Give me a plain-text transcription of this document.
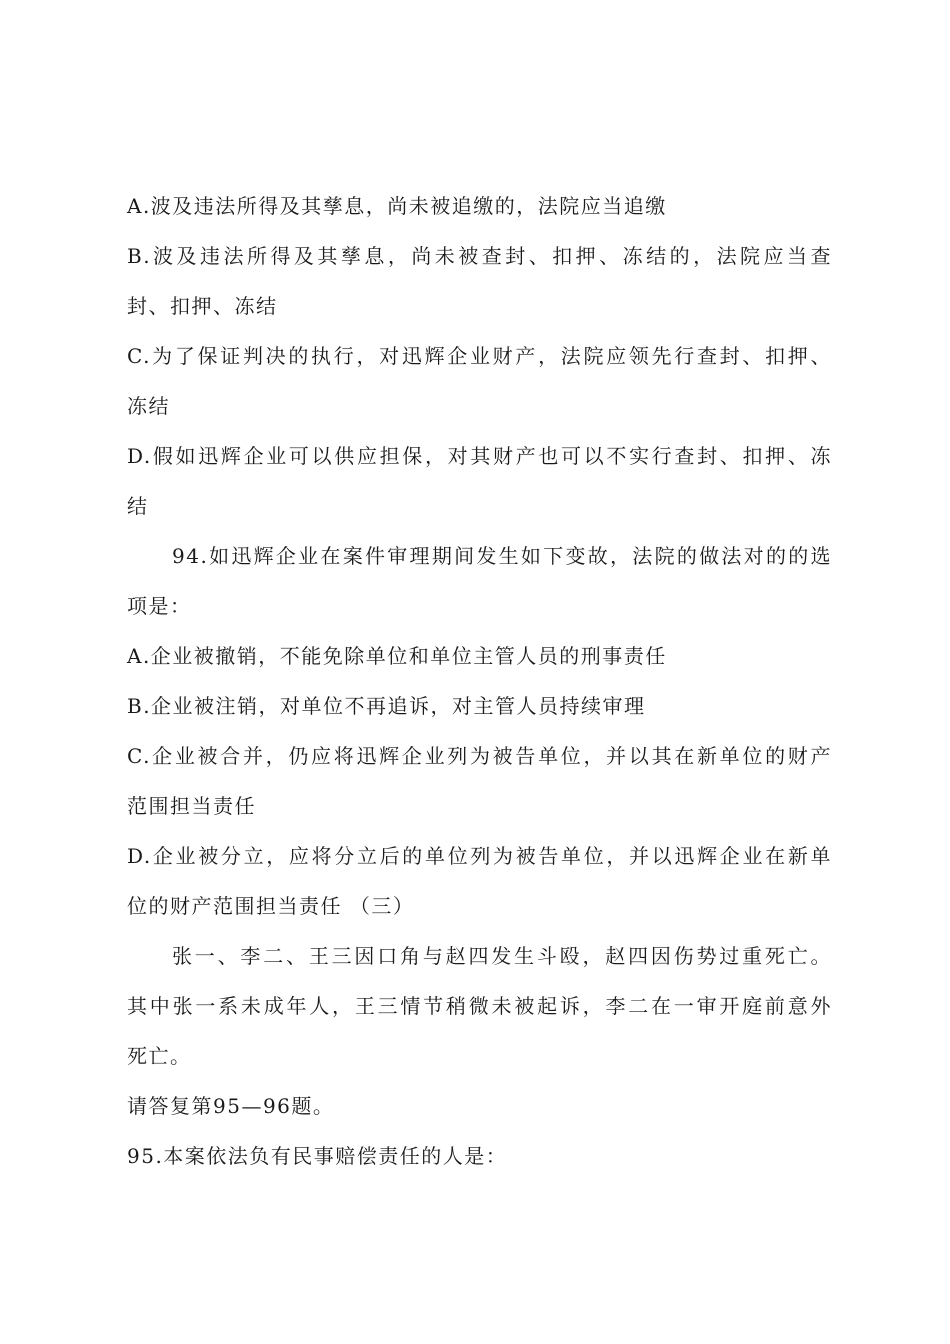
A.波及违法所得及其孳息，尚未被追缴的，法院应当追缴
B.波及违法所得及其孳息，尚未被查封、扣押、冻结的，法院应当查
封、扣押、冻结
C.为了保证判决的执行，对迅辉企业财产，法院应领先行查封、扣押、
冻结
D.假如迅辉企业可以供应担保，对其财产也可以不实行查封、扣押、冻
结
94.如迅辉企业在案件审理期间发生如下变故，法院的做法对的的选
项是：
A.企业被撤销，不能免除单位和单位主管人员的刑事责任
B.企业被注销，对单位不再追诉，对主管人员持续审理
C.企业被合并，仍应将迅辉企业列为被告单位，并以其在新单位的财产
范围担当责任
D.企业被分立，应将分立后的单位列为被告单位，并以迅辉企业在新单
位的财产范围担当责任 （三）
张一、李二、王三因口角与赵四发生斗殴，赵四因伤势过重死亡。
其中张一系未成年人，王三情节稍微未被起诉，李二在一审开庭前意外
死亡。
请答复第95—96题。
95.本案依法负有民事赔偿责任的人是：
